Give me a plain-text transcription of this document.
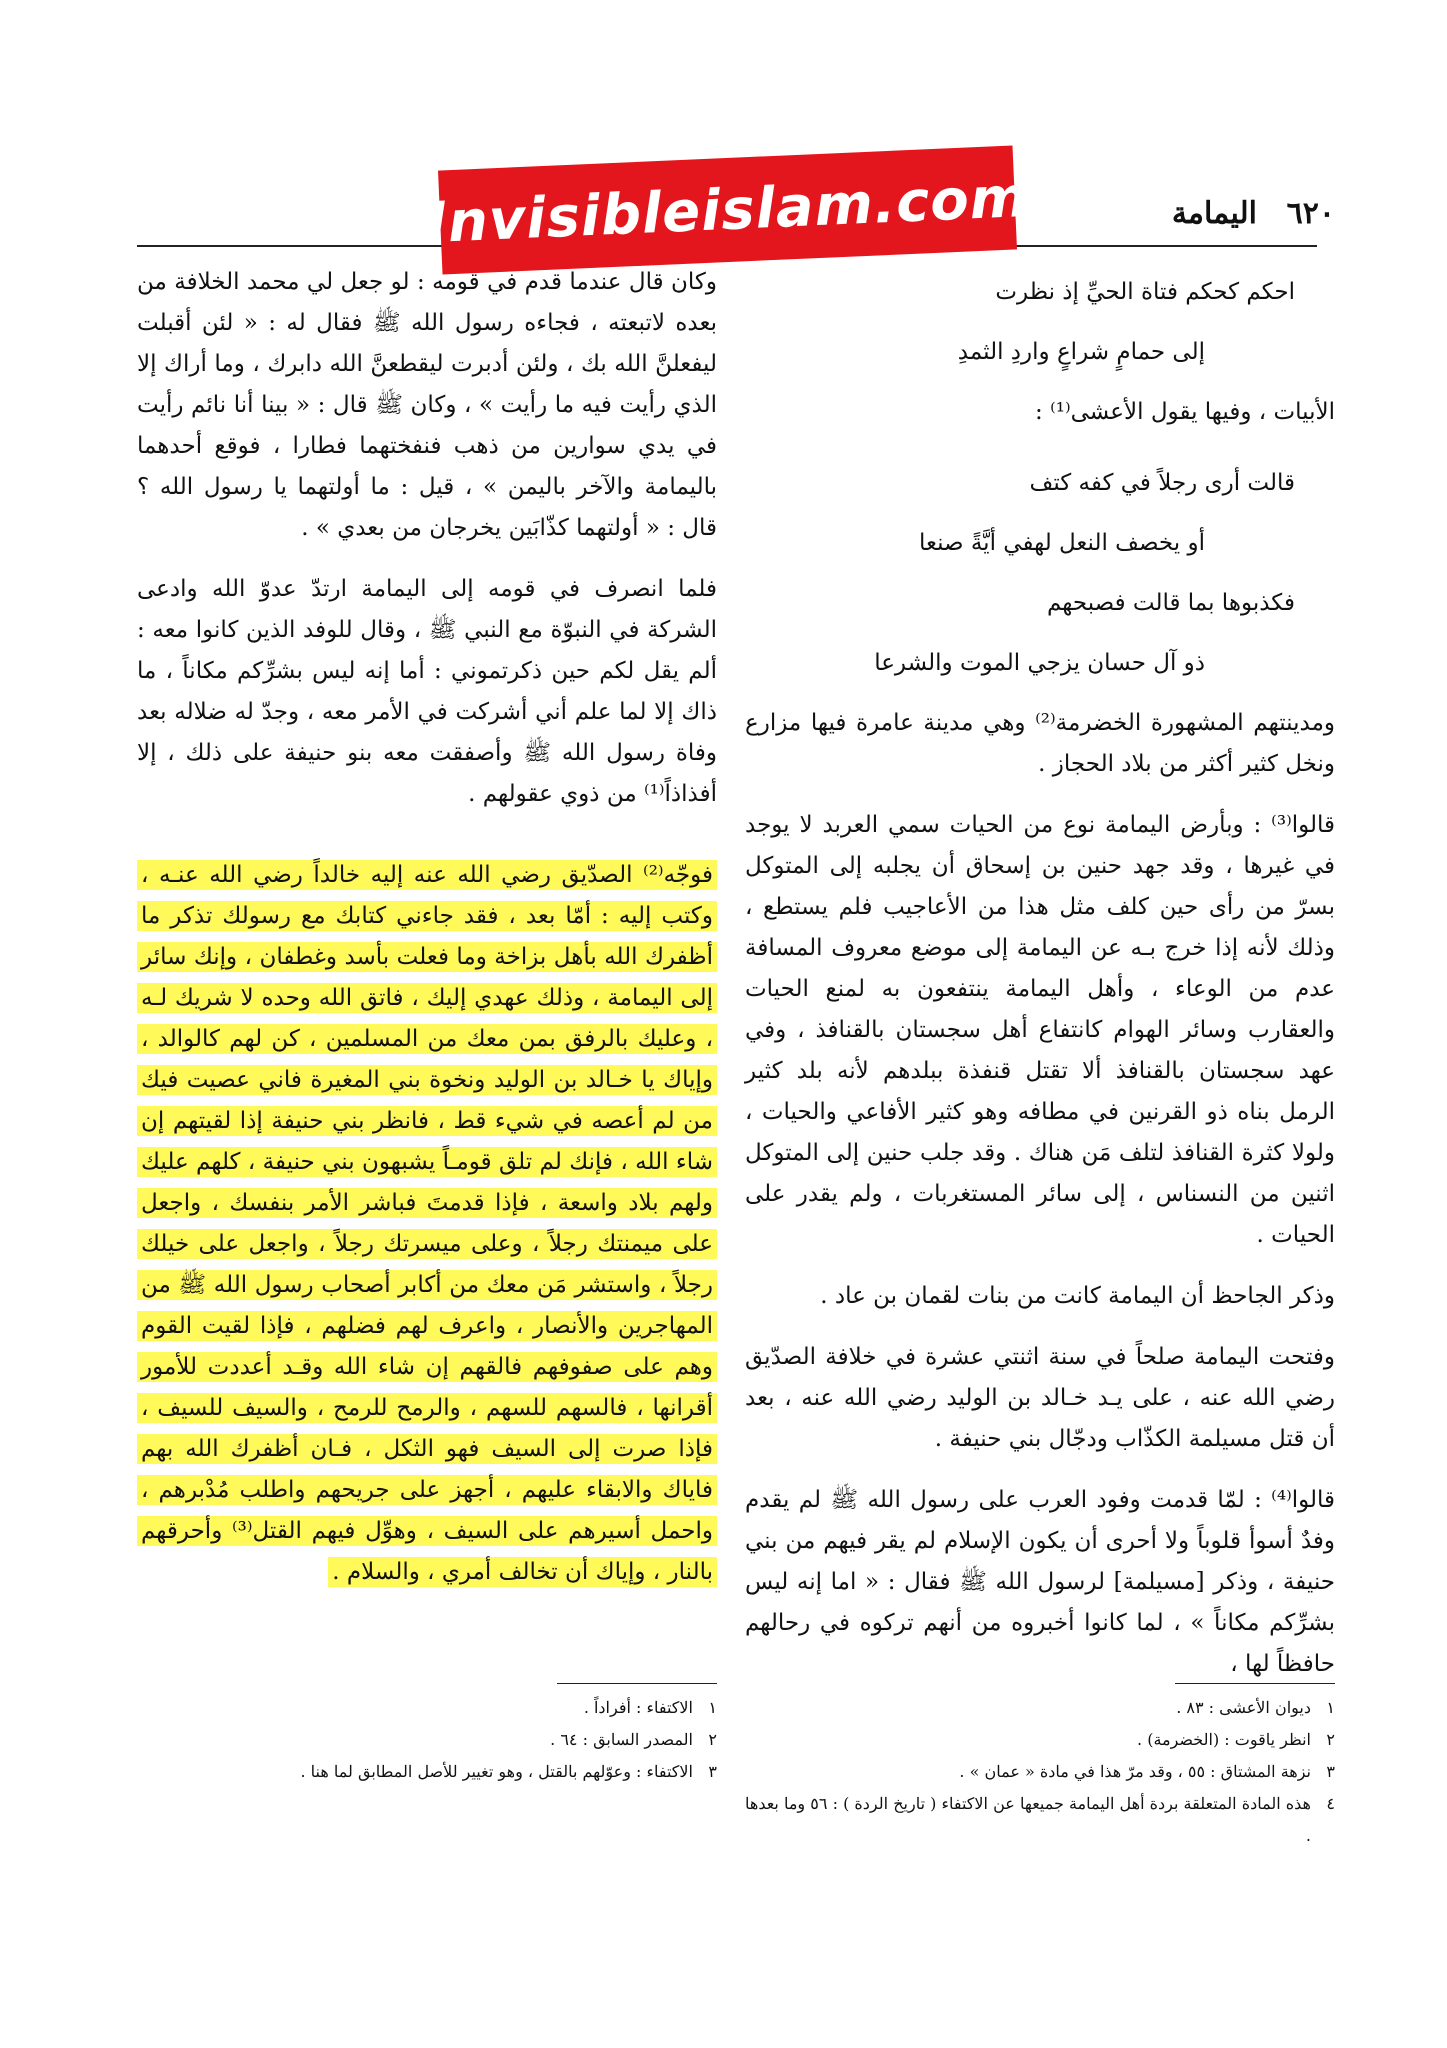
٦٢٠
اليمامة
Invisibleislam.com
احكم كحكم فتاة الحيِّ إذ نظرت
إلى حمامٍ شراعٍ واردِ الثمدِ

الأبيات ، وفيها يقول الأعشى⁽¹⁾ :

قالت أرى رجلاً في كفه كتف
أو يخصف النعل لهفي أيَّةً صنعا
فكذبوها بما قالت فصبحهم
ذو آل حسان يزجي الموت والشرعا

ومدينتهم المشهورة الخضرمة⁽²⁾ وهي مدينة عامرة فيها مزارع ونخل كثير أكثر من بلاد الحجاز .

قالوا⁽³⁾ : وبأرض اليمامة نوع من الحيات سمي العربد لا يوجد في غيرها ، وقد جهد حنين بن إسحاق أن يجلبه إلى المتوكل بسرّ من رأى حين كلف مثل هذا من الأعاجيب فلم يستطع ، وذلك لأنه إذا خرج بـه عن اليمامة إلى موضع معروف المسافة عدم من الوعاء ، وأهل اليمامة ينتفعون به لمنع الحيات والعقارب وسائر الهوام كانتفاع أهل سجستان بالقنافذ ، وفي عهد سجستان بالقنافذ ألا تقتل قنفذة ببلدهم لأنه بلد كثير الرمل بناه ذو القرنين في مطافه وهو كثير الأفاعي والحيات ، ولولا كثرة القنافذ لتلف مَن هناك . وقد جلب حنين إلى المتوكل اثنين من النسناس ، إلى سائر المستغربات ، ولم يقدر على الحيات .

وذكر الجاحظ أن اليمامة كانت من بنات لقمان بن عاد .

وفتحت اليمامة صلحاً في سنة اثنتي عشرة في خلافة الصدّيق رضي الله عنه ، على يـد خـالد بن الوليد رضي الله عنه ، بعد أن قتل مسيلمة الكذّاب ودجّال بني حنيفة .

قالوا⁽⁴⁾ : لمّا قدمت وفود العرب على رسول الله ﷺ لم يقدم وفدٌ أسوأ قلوباً ولا أحرى أن يكون الإسلام لم يقر فيهم من بني حنيفة ، وذكر [مسيلمة] لرسول الله ﷺ فقال : « اما إنه ليس بشرِّكم مكاناً » ، لما كانوا أخبروه من أنهم تركوه في رحالهم حافظاً لها ،

وكان قال عندما قدم في قومه : لو جعل لي محمد الخلافة من بعده لاتبعته ، فجاءه رسول الله ﷺ فقال له : « لئن أقبلت ليفعلنَّ الله بك ، ولئن أدبرت ليقطعنَّ الله دابرك ، وما أراك إلا الذي رأيت فيه ما رأيت » ، وكان ﷺ قال : « بينا أنا نائم رأيت في يدي سوارين من ذهب فنفختهما فطارا ، فوقع أحدهما باليمامة والآخر باليمن » ، قيل : ما أولتهما يا رسول الله ؟ قال : « أولتهما كذّابَين يخرجان من بعدي » .

فلما انصرف في قومه إلى اليمامة ارتدّ عدوّ الله وادعى الشركة في النبوّة مع النبي ﷺ ، وقال للوفد الذين كانوا معه : ألم يقل لكم حين ذكرتموني : أما إنه ليس بشرِّكم مكاناً ، ما ذاك إلا لما علم أني أشركت في الأمر معه ، وجدّ له ضلاله بعد وفاة رسول الله ﷺ وأصفقت معه بنو حنيفة على ذلك ، إلا أفذاذاً⁽¹⁾ من ذوي عقولهم .

فوجّه⁽²⁾ الصدّيق رضي الله عنه إليه خالداً رضي الله عنـه ، وكتب إليه : أمّا بعد ، فقد جاءني كتابك مع رسولك تذكر ما أظفرك الله بأهل بزاخة وما فعلت بأسد وغطفان ، وإنك سائر إلى اليمامة ، وذلك عهدي إليك ، فاتق الله وحده لا شريك لـه ، وعليك بالرفق بمن معك من المسلمين ، كن لهم كالوالد ، وإياك يا خـالد بن الوليد ونخوة بني المغيرة فاني عصيت فيك من لم أعصه في شيء قط ، فانظر بني حنيفة إذا لقيتهم إن شاء الله ، فإنك لم تلق قومـاً يشبهون بني حنيفة ، كلهم عليك ولهم بلاد واسعة ، فإذا قدمتَ فباشر الأمر بنفسك ، واجعل على ميمنتك رجلاً ، وعلى ميسرتك رجلاً ، واجعل على خيلك رجلاً ، واستشر مَن معك من أكابر أصحاب رسول الله ﷺ من المهاجرين والأنصار ، واعرف لهم فضلهم ، فإذا لقيت القوم وهم على صفوفهم فالقهم إن شاء الله وقـد أعددت للأمور أقرانها ، فالسهم للسهم ، والرمح للرمح ، والسيف للسيف ، فإذا صرت إلى السيف فهو الثكل ، فـان أظفرك الله بهم فاياك والابقاء عليهم ، أجهز على جريحهم واطلب مُدْبرهم ، واحمل أسيرهم على السيف ، وهوِّل فيهم القتل⁽³⁾ وأحرقهم بالنار ، وإياك أن تخالف أمري ، والسلام .

١
ديوان الأعشى : ٨٣ .
٢
انظر ياقوت : (الخضرمة) .
٣
نزهة المشتاق : ٥٥ ، وقد مرّ هذا في مادة « عمان » .
٤
هذه المادة المتعلقة بردة أهل اليمامة جميعها عن الاكتفاء ( تاريخ الردة ) : ٥٦ وما بعدها .
١
الاكتفاء : أفراداً .
٢
المصدر السابق : ٦٤ .
٣
الاكتفاء : وعوّلهم بالقتل ، وهو تغيير للأصل المطابق لما هنا .
